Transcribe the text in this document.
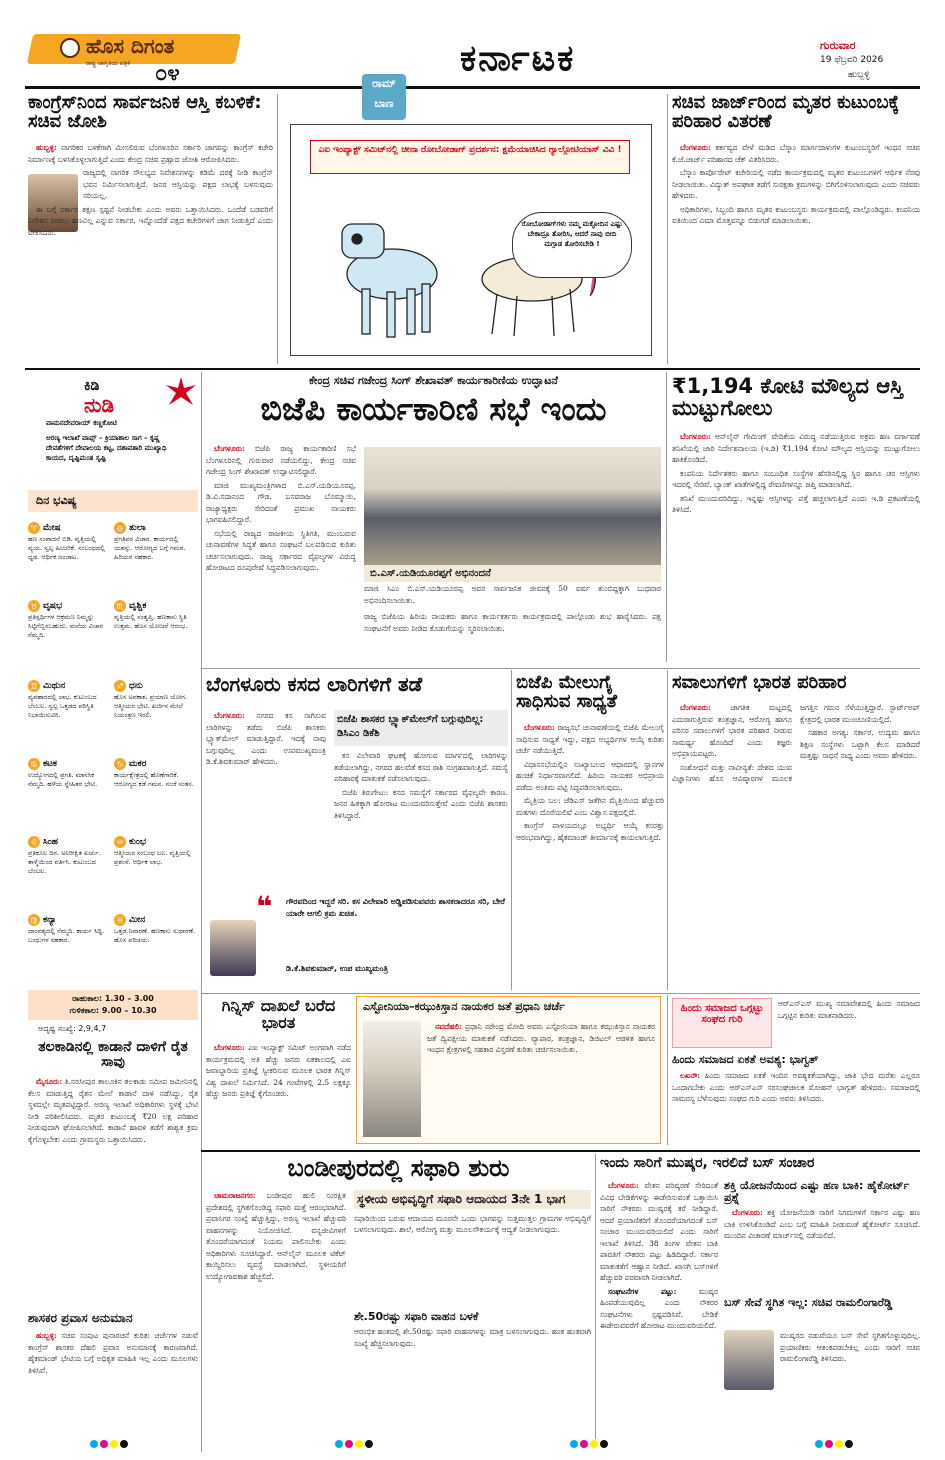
ಹೊಸ ದಿಗಂತ
ರಾಷ್ಟ್ರ ಜಾಗೃತಿಯ ಪತ್ರಿಕೆ ೦೪	ಕರ್ನಾಟಕ	ಗುರುವಾರ
19 ಫೆಬ್ರವರಿ 2026
ಹುಬ್ಬಳ್ಳಿ
ಕಾಂಗ್ರೆಸ್‌ನಿಂದ ಸಾರ್ವಜನಿಕ ಆಸ್ತಿ ಕಬಳಿಕೆ: ಸಚಿವ ಜೋಶಿ

ಹುಬ್ಬಳ್ಳಿ: ನಾಗರಿಕರ ಬಳಕೆಗಾಗಿ ಮೀಸಲಿರುವ ಬೆಂಗಳೂರಿನ ಸರ್ಕಾರಿ ಜಾಗವನ್ನು ಕಾಂಗ್ರೆಸ್ ಕಚೇರಿ ನಿರ್ಮಾಣಕ್ಕೆ ಬಳಸಿಕೊಳ್ಳಲಾಗುತ್ತಿದೆ ಎಂದು ಕೇಂದ್ರ ಸಚಿವ ಪ್ರಹ್ಲಾದ ಜೋಶಿ ಆರೋಪಿಸಿದರು.

ರಾಜ್ಯದಲ್ಲಿ ನಾಗರಿಕ ಸೌಲಭ್ಯದ ನಿವೇಶನಗಳನ್ನು ಕಡಿಮೆ ದರಕ್ಕೆ ನೀಡಿ ಕಾಂಗ್ರೆಸ್ ಭವನ ನಿರ್ಮಿಸಲಾಗುತ್ತಿದೆ. ಜನರ ಆಸ್ತಿಯನ್ನು ಪಕ್ಷದ ಲಾಭಕ್ಕೆ ಬಳಸುವುದು ಸರಿಯಲ್ಲ.

ಈ ಬಗ್ಗೆ ಸರ್ಕಾರ ತಕ್ಷಣ ಸ್ಪಷ್ಟನೆ ನೀಡಬೇಕು ಎಂದು ಅವರು ಒತ್ತಾಯಿಸಿದರು. ಒಂದೆಡೆ ಬಡವರಿಗೆ ನಿವೇಶನ ನೀಡಲು ಹಣವಿಲ್ಲ ಎನ್ನುವ ಸರ್ಕಾರ, ಇನ್ನೊಂದೆಡೆ ಪಕ್ಷದ ಕಚೇರಿಗಳಿಗೆ ಜಾಗ ನೀಡುತ್ತಿದೆ ಎಂದು ಟೀಕಿಸಿದರು.

ರಾಮ್
ಬಾಣ
ಎಐ ಇಂಪ್ಯಾಕ್ಟ್ ಸಮಿಟ್‌ನಲ್ಲಿ ಚೀನಾ ರೋಬೋಡಾಗ್ ಪ್ರದರ್ಶನ: ಕ್ಷಮೆಯಾಚಿಸಿದ ಗ್ಯಾಲ್ಗೋಟಿಯಾಸ್ ವಿವಿ !
ರೋಬೋಡಾಗ್‌ಗಳು ನಮ್ಮ ಮಕ್ಳೋದಿನ ಎಷ್ಟು ಬೇಕಾದ್ರೂ ತೋರಿಸಿ, ಆದರೆ ನಾವು ಬೀದಿ ಮಗ್ಗಾಡ ತೋರಿಸಬೇಡಿ !
ಸಚಿವ ಜಾರ್ಜ್‌ರಿಂದ ಮೃತರ ಕುಟುಂಬಕ್ಕೆ ಪರಿಹಾರ ವಿತರಣೆ

ಬೆಂಗಳೂರು: ಕರ್ತವ್ಯದ ವೇಳೆ ಮಡಿದ ಬೆಸ್ಕಾಂ ಮಾರ್ಗದಾಳುಗಳ ಕುಟುಂಬಸ್ಥರಿಗೆ ಇಂಧನ ಸಚಿವ ಕೆ.ಜೆ.ಜಾರ್ಜ್ ಪರಿಹಾರದ ಚೆಕ್ ವಿತರಿಸಿದರು.

ಬೆಸ್ಕಾಂ ಕಾರ್ಪೊರೇಟ್ ಕಚೇರಿಯಲ್ಲಿ ನಡೆದ ಕಾರ್ಯಕ್ರಮದಲ್ಲಿ ಮೃತರ ಕುಟುಂಬಗಳಿಗೆ ಆರ್ಥಿಕ ನೆರವು ನೀಡಲಾಯಿತು. ವಿದ್ಯುತ್ ಅಪಘಾತ ತಡೆಗೆ ಸುರಕ್ಷತಾ ಕ್ರಮಗಳನ್ನು ಬಿಗಿಗೊಳಿಸಲಾಗುವುದು ಎಂದು ಸಚಿವರು ಹೇಳಿದರು.

ಅಧಿಕಾರಿಗಳು, ಸಿಬ್ಬಂದಿ ಹಾಗೂ ಮೃತರ ಕುಟುಂಬಸ್ಥರು ಕಾರ್ಯಕ್ರಮದಲ್ಲಿ ಪಾಲ್ಗೊಂಡಿದ್ದರು. ಕಂಪನಿಯ ವತಿಯಿಂದ ವಿಮಾ ಮೊತ್ತವನ್ನೂ ಬಿಡುಗಡೆ ಮಾಡಲಾಯಿತು.

ಕಿಡಿ
ನುಡಿ
ವಾಮನದೇವರಾಯ್ ಕಣ್ಣಕೋಟಿ
ಅರಣ್ಯ ಇಲಾಖೆ ವಾಪ್ಸ್ – ಕ್ರಿಯಾಶಾಲ ಸಾಗ – ಕೃಷ್ಣ ದೇವತೆಗಳಿಗೆ ದೇವಾಲಯ ಕಟ್ಟ, ದಶಾವತಾರಿ ಮುಖ್ಯಾಧಿ ಕಾಯದ, ದೃಷ್ಟಿಮಂತ ಸೃಷ್ಟಿ
ದಿನ ಭವಿಷ್ಯ
♈ ಮೇಷ
ಹಣ ಸಂಪಾದನೆ ಬಿಡಿ. ವೃತ್ತಿಯಲ್ಲಿ ವ್ಯಯ. ಸ್ವಲ್ಪ ಹಿಂಜರಿಕೆ. ಸಂಬಂಧದಲ್ಲಿ ಧೃಢ. ಆರ್ಥಿಕ ಜಂಜಾಟ.
♎ ತುಲಾ
ಪ್ರಗತಿಪರ ವಿಚಾರ. ಕಾರ್ಯದಲ್ಲಿ ಯಶಸ್ಸು. ಆರೋಗ್ಯದ ಬಗ್ಗೆ ಗಮನ. ಹಿರಿಯರ ಸಹಕಾರ.
♉ ವೃಷಭ
ಪ್ರತಿಸ್ಪರ್ಧಿಗಳ ಆಕ್ರಮಣ ನಿಮ್ಮನ್ನು ಸಿಟ್ಟಿಗೆಬ್ಬಿಸಬಹುದು. ಮನೆಯ ವಿಚಾರ ನೆಮ್ಮದಿ.
♏ ವೃಶ್ಚಿಕ
ವೃತ್ತಿಯಲ್ಲಿ ಸಂತೃಪ್ತಿ. ಹಣಕಾಸು ಸ್ಥಿತಿ ಉತ್ತಮ. ಹೊಸ ಯೋಜನೆ ಆರಂಭ.
♊ ಮಿಥುನ
ವ್ಯವಹಾರದಲ್ಲಿ ಲಾಭ. ಕುಟುಂಬದ ಬೆಂಬಲ. ಸ್ವಲ್ಪ ಒತ್ತಡದ ಪರಿಸ್ಥಿತಿ ನಿಭಾಯಿಸುವಿರಿ.
♐ ಧನು
ಹೊಸ ಅವಕಾಶ. ಪ್ರಯಾಣ ಯೋಗ. ಆತ್ಮೀಯರ ಭೇಟಿ. ಖರ್ಚಿನ ಮೇಲೆ ನಿಯಂತ್ರಣ ಇರಲಿ.
♋ ಕಟಕ
ಉದ್ಯೋಗದಲ್ಲಿ ಪ್ರಗತಿ. ಮಾನಸಿಕ ನೆಮ್ಮದಿ. ಹಳೆಯ ಸ್ನೇಹಿತರ ಭೇಟಿ.
♑ ಮಕರ
ಕಾರ್ಯಕ್ಷೇತ್ರದಲ್ಲಿ ಹೊಣೆಗಾರಿಕೆ. ಆರೋಗ್ಯದ ಕಡೆ ಗಮನ. ಸಂಜೆ ಸಂತಸ.
♌ ಸಿಂಹ
ಪ್ರತಿಕೂಲ ದಿನ. ಅನಿರೀಕ್ಷಿತ ಖರ್ಚು. ತಾಳ್ಮೆಯಿಂದ ವರ್ತಿಸಿ. ಕುಟುಂಬದ ಬೆಂಬಲ.
♒ ಕುಂಭ
ಆತ್ಮೀಯರ ಸಂಬಂಧ ಬಲ. ವೃತ್ತಿಯಲ್ಲಿ ಪ್ರಶಂಸೆ. ಆರ್ಥಿಕ ಲಾಭ.
♍ ಕನ್ಯಾ
ದಾಂಪತ್ಯದಲ್ಲಿ ನೆಮ್ಮದಿ. ಕಾರ್ಯ ಸಿದ್ಧಿ. ಬಂಧುಗಳ ಸಹಕಾರ.
♓ ಮೀನ
ಒತ್ತಡ ನಿವಾರಣೆ. ಹಣಕಾಸು ಸುಧಾರಣೆ. ಹೊಸ ಪರಿಚಯ.
ರಾಹುಕಾಲ: 1.30 – 3.00
ಗುಳಿಕಕಾಲ: 9.00 – 10.30
ಅದೃಷ್ಟ ಸಂಖ್ಯೆ: 2,9,4,7
ಕೇಂದ್ರ ಸಚಿವ ಗಜೇಂದ್ರ ಸಿಂಗ್ ಶೇಖಾವತ್ ಕಾರ್ಯಕಾರಿಣಿಯ ಉದ್ಘಾಟನೆ
ಬಿಜೆಪಿ ಕಾರ್ಯಕಾರಿಣಿ ಸಭೆ ಇಂದು

ಬೆಂಗಳೂರು: ಬಿಜೆಪಿ ರಾಜ್ಯ ಕಾರ್ಯಕಾರಿಣಿ ಸಭೆ ಬೆಂಗಳೂರಿನಲ್ಲಿ ಗುರುವಾರ ನಡೆಯಲಿದ್ದು, ಕೇಂದ್ರ ಸಚಿವ ಗಜೇಂದ್ರ ಸಿಂಗ್ ಶೇಖಾವತ್ ಉದ್ಘಾಟಿಸಲಿದ್ದಾರೆ.

ಮಾಜಿ ಮುಖ್ಯಮಂತ್ರಿಗಳಾದ ಬಿ.ಎಸ್.ಯಡಿಯೂರಪ್ಪ, ಡಿ.ವಿ.ಸದಾನಂದ ಗೌಡ, ಬಸವರಾಜ ಬೊಮ್ಮಾಯಿ, ರಾಜ್ಯಾಧ್ಯಕ್ಷರು ಸೇರಿದಂತೆ ಪ್ರಮುಖ ನಾಯಕರು ಭಾಗವಹಿಸಲಿದ್ದಾರೆ.

ಸಭೆಯಲ್ಲಿ ರಾಜ್ಯದ ರಾಜಕೀಯ ಸ್ಥಿತಿಗತಿ, ಮುಂಬರುವ ಚುನಾವಣೆಗಳ ಸಿದ್ಧತೆ ಹಾಗೂ ಸಂಘಟನೆ ಬಲಪಡಿಸುವ ಕುರಿತು ಚರ್ಚಿಸಲಾಗುವುದು. ರಾಜ್ಯ ಸರ್ಕಾರದ ವೈಫಲ್ಯಗಳ ವಿರುದ್ಧ ಹೋರಾಟದ ರೂಪುರೇಷೆ ಸಿದ್ಧಪಡಿಸಲಾಗುವುದು.

ಬಿ.ಎಸ್.ಯಡಿಯೂರಪ್ಪಗೆ ಅಭಿನಂದನೆ
ಮಾಜಿ ಸಿಎಂ ಬಿ.ಎಸ್.ಯಡಿಯೂರಪ್ಪ ಅವರ ಸಾರ್ವಜನಿಕ ಜೀವನಕ್ಕೆ 50 ವರ್ಷ ತುಂಬಿದ್ದಕ್ಕಾಗಿ ಬುಧವಾರ ಅಭಿನಂದಿಸಲಾಯಿತು.
ರಾಜ್ಯ ಬಿಜೆಪಿಯ ಹಿರಿಯ ನಾಯಕರು ಹಾಗೂ ಕಾರ್ಯಕರ್ತರು ಕಾರ್ಯಕ್ರಮದಲ್ಲಿ ಪಾಲ್ಗೊಂಡು ಶುಭ ಹಾರೈಸಿದರು. ಪಕ್ಷ ಸಂಘಟನೆಗೆ ಅವರು ನೀಡಿದ ಕೊಡುಗೆಯನ್ನು ಸ್ಮರಿಸಲಾಯಿತು.
₹1,194 ಕೋಟಿ ಮೌಲ್ಯದ ಆಸ್ತಿ ಮುಟ್ಟುಗೋಲು

ಬೆಂಗಳೂರು: ಆನ್‌ಲೈನ್ ಗೇಮಿಂಗ್ ವೇದಿಕೆಯ ವಿರುದ್ಧ ನಡೆಯುತ್ತಿರುವ ಅಕ್ರಮ ಹಣ ವರ್ಗಾವಣೆ ತನಿಖೆಯಲ್ಲಿ ಜಾರಿ ನಿರ್ದೇಶನಾಲಯ (ಇ.ಡಿ) ₹1,194 ಕೋಟಿ ಮೌಲ್ಯದ ಆಸ್ತಿಯನ್ನು ಮುಟ್ಟುಗೋಲು ಹಾಕಿಕೊಂಡಿದೆ.

ಕಂಪನಿಯ ನಿರ್ದೇಶಕರು ಹಾಗೂ ಸಂಬಂಧಿತ ಸಂಸ್ಥೆಗಳ ಹೆಸರಿನಲ್ಲಿದ್ದ ಸ್ಥಿರ ಹಾಗೂ ಚರ ಆಸ್ತಿಗಳು ಇದರಲ್ಲಿ ಸೇರಿವೆ. ಬ್ಯಾಂಕ್ ಖಾತೆಗಳಲ್ಲಿದ್ದ ಠೇವಣಿಗಳನ್ನೂ ಜಪ್ತಿ ಮಾಡಲಾಗಿದೆ.

ತನಿಖೆ ಮುಂದುವರಿದಿದ್ದು, ಇನ್ನಷ್ಟು ಆಸ್ತಿಗಳನ್ನು ಪತ್ತೆ ಹಚ್ಚಲಾಗುತ್ತಿದೆ ಎಂದು ಇ.ಡಿ ಪ್ರಕಟಣೆಯಲ್ಲಿ ತಿಳಿಸಿದೆ.

ಬೆಂಗಳೂರು ಕಸದ ಲಾರಿಗಳಿಗೆ ತಡೆ

ಬೆಂಗಳೂರು: ನಗರದ ಕಸ ಸಾಗಿಸುವ ಲಾರಿಗಳನ್ನು ತಡೆದು ಬಿಜೆಪಿ ಶಾಸಕರು ಬ್ಲ್ಯಾಕ್‌ಮೇಲ್ ಮಾಡುತ್ತಿದ್ದಾರೆ. ಇದಕ್ಕೆ ನಾವು ಬಗ್ಗುವುದಿಲ್ಲ ಎಂದು ಉಪಮುಖ್ಯಮಂತ್ರಿ ಡಿ.ಕೆ.ಶಿವಕುಮಾರ್ ಹೇಳಿದರು.

ಬಿಜೆಪಿ ಶಾಸಕರ ಬ್ಲ್ಯಾಕ್‌ಮೇಲ್‌ಗೆ ಬಗ್ಗುವುದಿಲ್ಲ: ಡಿಸಿಎಂ ಡಿಕೆಶಿ

ಕಸ ವಿಲೇವಾರಿ ಘಟಕಕ್ಕೆ ಹೋಗುವ ಮಾರ್ಗದಲ್ಲಿ ಲಾರಿಗಳನ್ನು ತಡೆಯಲಾಗಿದ್ದು, ನಗರದ ಹಲವೆಡೆ ಕಸದ ರಾಶಿ ಸಂಗ್ರಹವಾಗುತ್ತಿದೆ. ಸಮಸ್ಯೆ ಪರಿಹಾರಕ್ಕೆ ಮಾತುಕತೆ ನಡೆಸಲಾಗುವುದು.

ಬಿಜೆಪಿ ತಿರುಗೇಟು: ಕಸದ ಸಮಸ್ಯೆಗೆ ಸರ್ಕಾರದ ವೈಫಲ್ಯವೇ ಕಾರಣ. ಜನರ ಹಿತಕ್ಕಾಗಿ ಹೋರಾಟ ಮುಂದುವರಿಸುತ್ತೇವೆ ಎಂದು ಬಿಜೆಪಿ ಶಾಸಕರು ತಿಳಿಸಿದ್ದಾರೆ.

❝ ಗೌರವದಿಂದ ಇದ್ದರೆ ಸರಿ. ಕಸ ವಿಲೇವಾರಿ ಅಡ್ಡಿಪಡಿಸುವವರು ಶಾಸಕರಾದರೂ ಸರಿ, ಬೇರೆ ಯಾರೇ ಆಗಲಿ ಕ್ರಮ ಖಚಿತ.
ಡಿ.ಕೆ.ಶಿವಕುಮಾರ್, ಉಪ ಮುಖ್ಯಮಂತ್ರಿ
ಬಿಜೆಪಿ ಮೇಲುಗೈ ಸಾಧಿಸುವ ಸಾಧ್ಯತೆ

ಬೆಂಗಳೂರು: ರಾಜ್ಯಸಭೆ ಚುನಾವಣೆಯಲ್ಲಿ ಬಿಜೆಪಿ ಮೇಲುಗೈ ಸಾಧಿಸುವ ಸಾಧ್ಯತೆ ಇದ್ದು, ಪಕ್ಷದ ಅಭ್ಯರ್ಥಿಗಳ ಆಯ್ಕೆ ಕುರಿತು ಚರ್ಚೆ ನಡೆಯುತ್ತಿದೆ.

ವಿಧಾನಸಭೆಯಲ್ಲಿನ ಸಂಖ್ಯಾಬಲದ ಆಧಾರದಲ್ಲಿ ಸ್ಥಾನಗಳ ಹಂಚಿಕೆ ನಿರ್ಧಾರವಾಗಲಿದೆ. ಹಿರಿಯ ನಾಯಕರ ಅಭಿಪ್ರಾಯ ಪಡೆದು ಅಂತಿಮ ಪಟ್ಟಿ ಸಿದ್ಧಪಡಿಸಲಾಗುವುದು.

ಮೈತ್ರಿಯ ಬಲ: ಜೆಡಿಎಸ್ ಜತೆಗಿನ ಮೈತ್ರಿಯಿಂದ ಹೆಚ್ಚುವರಿ ಮತಗಳು ದೊರೆಯಲಿವೆ ಎಂಬ ವಿಶ್ವಾಸ ಪಕ್ಷದಲ್ಲಿದೆ.

ಕಾಂಗ್ರೆಸ್ ಪಾಳಯದಲ್ಲೂ ಅಭ್ಯರ್ಥಿ ಆಯ್ಕೆ ಕಸರತ್ತು ಆರಂಭವಾಗಿದ್ದು, ಹೈಕಮಾಂಡ್ ತೀರ್ಮಾನಕ್ಕೆ ಕಾಯಲಾಗುತ್ತಿದೆ.

ಸವಾಲುಗಳಿಗೆ ಭಾರತ ಪರಿಹಾರ

ಬೆಂಗಳೂರು:	ಜಾಗತಿಕ ಮಟ್ಟದಲ್ಲಿ ಎದುರಾಗುತ್ತಿರುವ ತಂತ್ರಜ್ಞಾನ, ಆರೋಗ್ಯ ಹಾಗೂ ಪರಿಸರ ಸವಾಲುಗಳಿಗೆ ಭಾರತ ಪರಿಹಾರ ನೀಡುವ ಸಾಮರ್ಥ್ಯ ಹೊಂದಿದೆ ಎಂದು ತಜ್ಞರು ಅಭಿಪ್ರಾಯಪಟ್ಟರು.

ಸಂಶೋಧನೆ ಮತ್ತು ನಾವೀನ್ಯತೆ: ದೇಶದ ಯುವ ವಿಜ್ಞಾನಿಗಳು ಹೊಸ ಆವಿಷ್ಕಾರಗಳ ಮೂಲಕ ಜಗತ್ತಿನ ಗಮನ ಸೆಳೆಯುತ್ತಿದ್ದಾರೆ. ಸ್ಟಾರ್ಟ್‌ಅಪ್ ಕ್ಷೇತ್ರದಲ್ಲಿ ಭಾರತ ಮುಂಚೂಣಿಯಲ್ಲಿದೆ.

ಸಹಕಾರ ಅಗತ್ಯ: ಸರ್ಕಾರ, ಉದ್ಯಮ ಹಾಗೂ ಶಿಕ್ಷಣ ಸಂಸ್ಥೆಗಳು ಒಟ್ಟಾಗಿ ಕೆಲಸ ಮಾಡಿದರೆ ಮತ್ತಷ್ಟು ಸಾಧನೆ ಸಾಧ್ಯ ಎಂದು ಅವರು ಹೇಳಿದರು.

ಗಿನ್ನಿಸ್ ದಾಖಲೆ ಬರೆದ ಭಾರತ

ಬೆಂಗಳೂರು: ಎಐ ಇಂಪ್ಯಾಕ್ಟ್ ಸಮಿಟ್ ಅಂಗವಾಗಿ ನಡೆದ ಕಾರ್ಯಕ್ರಮದಲ್ಲಿ ಅತಿ ಹೆಚ್ಚು ಜನರು ಏಕಕಾಲದಲ್ಲಿ ಎಐ ಜವಾಬ್ದಾರಿಯ ಪ್ರತಿಜ್ಞೆ ಸ್ವೀಕರಿಸುವ ಮೂಲಕ ಭಾರತ ಗಿನ್ನಿಸ್ ವಿಶ್ವ ದಾಖಲೆ ನಿರ್ಮಿಸಿದೆ. 24 ಗಂಟೆಗಳಲ್ಲಿ 2.5 ಲಕ್ಷಕ್ಕೂ ಹೆಚ್ಚು ಜನರು ಪ್ರತಿಜ್ಞೆ ಕೈಗೊಂಡರು.

ಎಸ್ಟೋನಿಯಾ–ಕಝುಕಿಸ್ತಾನ ನಾಯಕರ ಜತೆ ಪ್ರಧಾನಿ ಚರ್ಚೆ

ನವದೆಹಲಿ: ಪ್ರಧಾನಿ ನರೇಂದ್ರ ಮೋದಿ ಅವರು ಎಸ್ಟೋನಿಯಾ ಹಾಗೂ ಕಝುಕಿಸ್ತಾನ ನಾಯಕರ ಜತೆ ದ್ವಿಪಕ್ಷೀಯ ಮಾತುಕತೆ ನಡೆಸಿದರು. ವ್ಯಾಪಾರ, ತಂತ್ರಜ್ಞಾನ, ಡಿಜಿಟಲ್ ಆಡಳಿತ ಹಾಗೂ ಇಂಧನ ಕ್ಷೇತ್ರಗಳಲ್ಲಿ ಸಹಕಾರ ವಿಸ್ತರಣೆ ಕುರಿತು ಚರ್ಚಿಸಲಾಯಿತು.

ಹಿಂದು ಸಮಾಜದ ಒಗ್ಗಟ್ಟು ಸಂಘದ ಗುರಿ
ಆರ್‌ಎಸ್‌ಎಸ್ ಮುಖ್ಯ ಸಮಾವೇಶದಲ್ಲಿ ಹಿಂದು ಸಮಾಜದ ಒಗ್ಗಟ್ಟಿನ ಕುರಿತು ಮಾತನಾಡಿದರು.
ಹಿಂದು ಸಮಾಜದ ಏಕತೆ ಅವಶ್ಯ: ಭಾಗ್ವತ್

ಲಖನೌ: ಹಿಂದು ಸಮಾಜದ ಏಕತೆ ಇಂದಿನ ಅವಶ್ಯಕತೆಯಾಗಿದ್ದು, ಜಾತಿ ಭೇದ ಮರೆತು ಎಲ್ಲರೂ ಒಂದಾಗಬೇಕು ಎಂದು ಆರ್‌ಎಸ್‌ಎಸ್ ಸರಸಂಘಚಾಲಕ ಮೋಹನ್ ಭಾಗ್ವತ್ ಹೇಳಿದರು. ಸಮಾಜದಲ್ಲಿ ಸಾಮರಸ್ಯ ಬೆಳೆಸುವುದು ಸಂಘದ ಗುರಿ ಎಂದು ಅವರು ತಿಳಿಸಿದರು.

ತಲಕಾಡಿನಲ್ಲಿ ಕಾಡಾನೆ ದಾಳಿಗೆ ರೈತ ಸಾವು

ಮೈಸೂರು: ತಿ.ನರಸೀಪುರ ತಾಲೂಕಿನ ತಲಕಾಡು ಸಮೀಪ ಜಮೀನಿನಲ್ಲಿ ಕೆಲಸ ಮಾಡುತ್ತಿದ್ದ ರೈತನ ಮೇಲೆ ಕಾಡಾನೆ ದಾಳಿ ನಡೆಸಿದ್ದು, ರೈತ ಸ್ಥಳದಲ್ಲೇ ಮೃತಪಟ್ಟಿದ್ದಾರೆ. ಅರಣ್ಯ ಇಲಾಖೆ ಅಧಿಕಾರಿಗಳು ಸ್ಥಳಕ್ಕೆ ಭೇಟಿ ನೀಡಿ ಪರಿಶೀಲಿಸಿದರು. ಮೃತರ ಕುಟುಂಬಕ್ಕೆ ₹20 ಲಕ್ಷ ಪರಿಹಾರ ನೀಡುವುದಾಗಿ ಘೋಷಿಸಲಾಗಿದೆ. ಕಾಡಾನೆ ಹಾವಳಿ ತಡೆಗೆ ಶಾಶ್ವತ ಕ್ರಮ ಕೈಗೊಳ್ಳಬೇಕು ಎಂದು ಗ್ರಾಮಸ್ಥರು ಒತ್ತಾಯಿಸಿದರು.

ಶಾಸಕರ ಪ್ರವಾಸ ಅನುಮಾನ

ಹುಬ್ಬಳ್ಳಿ: ಸಚಿವ ಸಂಪುಟ ಪುನಾರಚನೆ ಕುರಿತು ಚರ್ಚೆಗಳ ನಡುವೆ ಕಾಂಗ್ರೆಸ್ ಶಾಸಕರ ದೆಹಲಿ ಪ್ರವಾಸ ಅನುಮಾನಕ್ಕೆ ಕಾರಣವಾಗಿದೆ. ಹೈಕಮಾಂಡ್ ಭೇಟಿಯ ಬಗ್ಗೆ ಅಧಿಕೃತ ಮಾಹಿತಿ ಇಲ್ಲ ಎಂದು ಮೂಲಗಳು ತಿಳಿಸಿವೆ.

ಬಂಡೀಪುರದಲ್ಲಿ ಸಫಾರಿ ಶುರು

ಚಾಮರಾಜನಗರ: ಬಂಡೀಪುರ ಹುಲಿ ಸಂರಕ್ಷಿತ ಪ್ರದೇಶದಲ್ಲಿ ಸ್ಥಗಿತಗೊಂಡಿದ್ದ ಸಫಾರಿ ಮತ್ತೆ ಆರಂಭವಾಗಿದೆ. ಪ್ರವಾಸಿಗರ ಸಂಖ್ಯೆ ಹೆಚ್ಚುತ್ತಿದ್ದು, ಅರಣ್ಯ ಇಲಾಖೆ ಹೆಚ್ಚುವರಿ ವಾಹನಗಳನ್ನು ನಿಯೋಜಿಸಿದೆ. ವನ್ಯಜೀವಿಗಳಿಗೆ ತೊಂದರೆಯಾಗದಂತೆ ನಿಯಮ ಪಾಲಿಸಬೇಕು ಎಂದು ಅಧಿಕಾರಿಗಳು ಸೂಚಿಸಿದ್ದಾರೆ. ಆನ್‌ಲೈನ್ ಮೂಲಕ ಟಿಕೆಟ್ ಕಾಯ್ದಿರಿಸಲು ವ್ಯವಸ್ಥೆ ಮಾಡಲಾಗಿದೆ. ಸ್ಥಳೀಯರಿಗೆ ಉದ್ಯೋಗಾವಕಾಶ ಹೆಚ್ಚಲಿದೆ.

ಸ್ಥಳೀಯ ಅಭಿವೃದ್ಧಿಗೆ ಸಫಾರಿ ಆದಾಯದ 3ನೇ 1 ಭಾಗ
ಸಫಾರಿಯಿಂದ ಬರುವ ಆದಾಯದ ಮೂರನೇ ಒಂದು ಭಾಗವನ್ನು ಸುತ್ತಮುತ್ತಲ ಗ್ರಾಮಗಳ ಅಭಿವೃದ್ಧಿಗೆ ಬಳಸಲಾಗುವುದು. ಶಾಲೆ, ಆರೋಗ್ಯ ಮತ್ತು ಮೂಲಸೌಕರ್ಯಕ್ಕೆ ಆದ್ಯತೆ ನೀಡಲಾಗುವುದು.
ಶೇ.50ರಷ್ಟು ಸಫಾರಿ ವಾಹನ ಬಳಕೆ
ಆರಂಭಿಕ ಹಂತದಲ್ಲಿ ಶೇ.50ರಷ್ಟು ಸಫಾರಿ ವಾಹನಗಳನ್ನು ಮಾತ್ರ ಬಳಸಲಾಗುವುದು. ಹಂತ ಹಂತವಾಗಿ ಸಂಖ್ಯೆ ಹೆಚ್ಚಿಸಲಾಗುವುದು.
ಇಂದು ಸಾರಿಗೆ ಮುಷ್ಕರ, ಇರಲಿದೆ ಬಸ್ ಸಂಚಾರ

ಬೆಂಗಳೂರು: ವೇತನ ಪರಿಷ್ಕರಣೆ ಸೇರಿದಂತೆ ವಿವಿಧ ಬೇಡಿಕೆಗಳನ್ನು ಈಡೇರಿಸುವಂತೆ ಒತ್ತಾಯಿಸಿ ಸಾರಿಗೆ ನೌಕರರು ಮುಷ್ಕರಕ್ಕೆ ಕರೆ ನೀಡಿದ್ದಾರೆ. ಆದರೆ ಪ್ರಯಾಣಿಕರಿಗೆ ತೊಂದರೆಯಾಗದಂತೆ ಬಸ್ ಸಂಚಾರ ಮುಂದುವರಿಯಲಿದೆ ಎಂದು ಸಾರಿಗೆ ಇಲಾಖೆ ತಿಳಿಸಿದೆ. 38 ತಿಂಗಳ ವೇತನ ಬಾಕಿ ಪಾವತಿಗೆ ನೌಕರರು ಪಟ್ಟು ಹಿಡಿದಿದ್ದಾರೆ. ಸರ್ಕಾರ ಮಾತುಕತೆಗೆ ಆಹ್ವಾನ ನೀಡಿದೆ. ಖಾಸಗಿ ಬಸ್‌ಗಳಿಗೆ ಹೆಚ್ಚುವರಿ ಪರವಾನಗಿ ನೀಡಲಾಗಿದೆ.

ಸಂಘಟನೆಗಳ ಪಟ್ಟು:	ಮುಷ್ಕರ ಹಿಂಪಡೆಯುವುದಿಲ್ಲ ಎಂದು ನೌಕರರ ಸಂಘಟನೆಗಳು ಸ್ಪಷ್ಟಪಡಿಸಿವೆ. ಬೇಡಿಕೆ ಈಡೇರುವವರೆಗೆ ಹೋರಾಟ ಮುಂದುವರಿಯಲಿದೆ.

ಶಕ್ತಿ ಯೋಜನೆಯಿಂದ ಎಷ್ಟು ಹಣ ಬಾಕಿ: ಹೈಕೋರ್ಟ್ ಪ್ರಶ್ನೆ

ಬೆಂಗಳೂರು: ಶಕ್ತಿ ಯೋಜನೆಯಡಿ ಸಾರಿಗೆ ನಿಗಮಗಳಿಗೆ ಸರ್ಕಾರ ಎಷ್ಟು ಹಣ ಬಾಕಿ ಉಳಿಸಿಕೊಂಡಿದೆ ಎಂಬ ಬಗ್ಗೆ ಮಾಹಿತಿ ನೀಡುವಂತೆ ಹೈಕೋರ್ಟ್ ಸೂಚಿಸಿದೆ. ಮುಂದಿನ ವಿಚಾರಣೆ ಮಾರ್ಚ್‌ನಲ್ಲಿ ನಡೆಯಲಿದೆ.

ಬಸ್ ಸೇವೆ ಸ್ಥಗಿತ ಇಲ್ಲ: ಸಚಿವ ರಾಮಲಿಂಗಾರೆಡ್ಡಿ
ಮುಷ್ಕರದ ನಡುವೆಯೂ ಬಸ್ ಸೇವೆ ಸ್ಥಗಿತಗೊಳ್ಳುವುದಿಲ್ಲ. ಪ್ರಯಾಣಿಕರು ಆತಂಕಪಡಬೇಕಿಲ್ಲ ಎಂದು ಸಾರಿಗೆ ಸಚಿವ ರಾಮಲಿಂಗಾರೆಡ್ಡಿ ತಿಳಿಸಿದರು.
